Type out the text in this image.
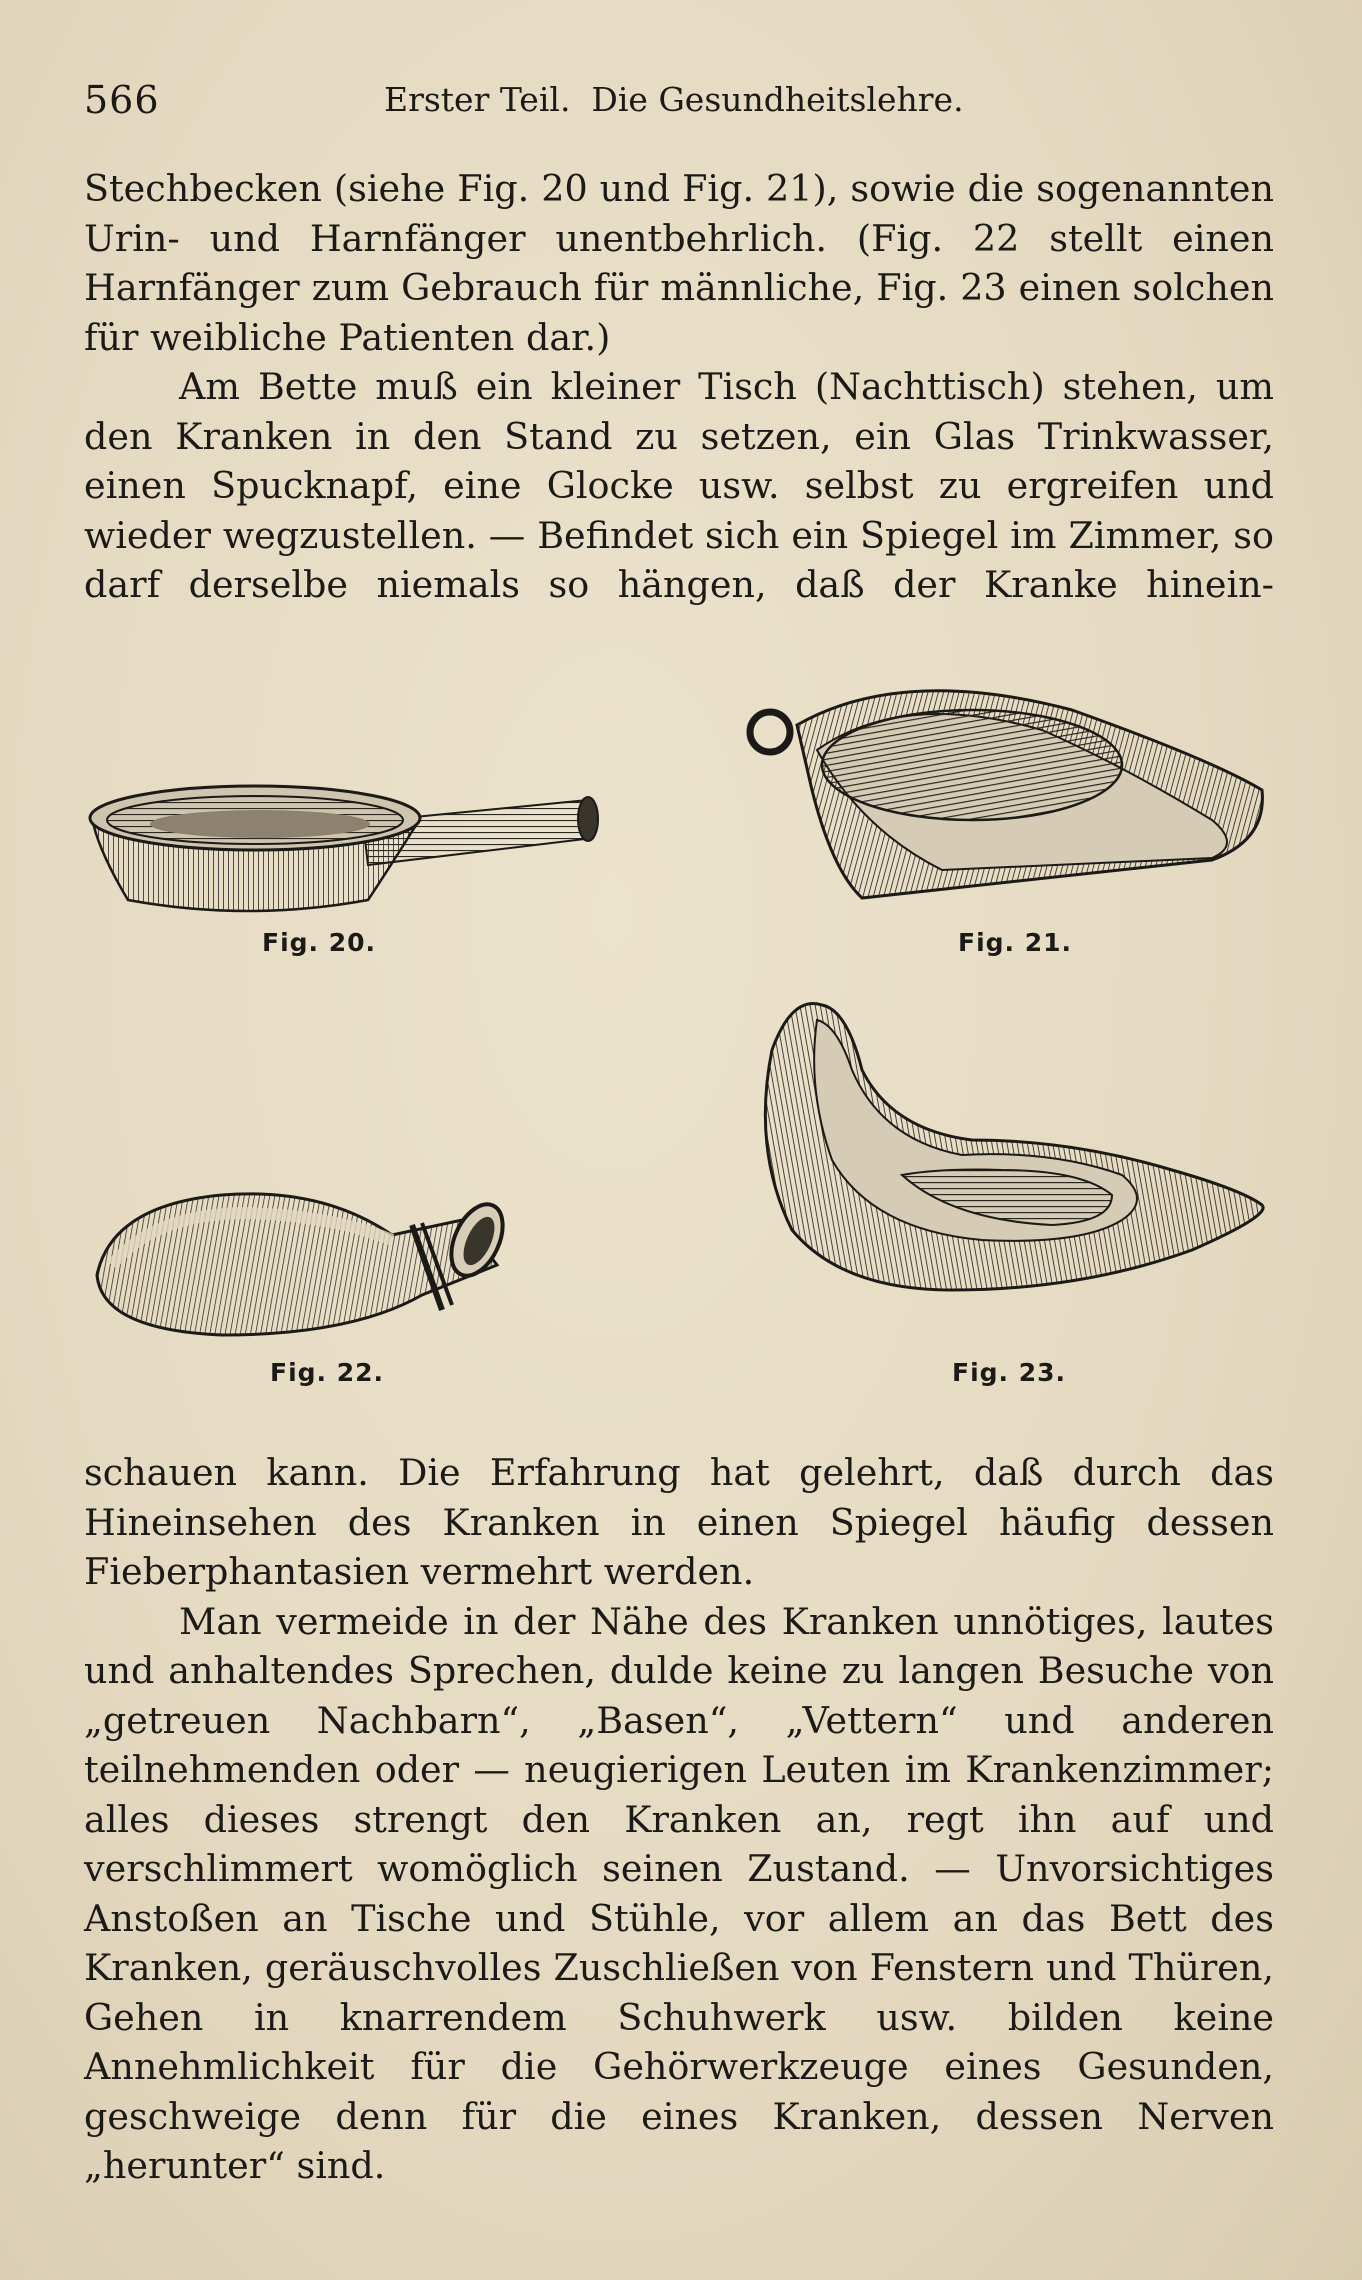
566	Erster Teil.  Die Gesundheitslehre.

Stechbecken (siehe Fig. 20 und Fig. 21), sowie die sogenannten Urin- und Harnfänger unentbehrlich. (Fig. 22 stellt einen Harnfänger zum Gebrauch für männliche, Fig. 23 einen solchen für weibliche Patienten dar.)

Am Bette muß ein kleiner Tisch (Nachttisch) stehen, um den Kranken in den Stand zu setzen, ein Glas Trinkwasser, einen Spucknapf, eine Glocke usw. selbst zu ergreifen und wieder wegzustellen. — Befindet sich ein Spiegel im Zimmer, so darf derselbe niemals so hängen, daß der Kranke hinein-

Fig. 20.	Fig. 21.
Fig. 22.	Fig. 23.

schauen kann. Die Erfahrung hat gelehrt, daß durch das Hineinsehen des Kranken in einen Spiegel häufig dessen Fieberphantasien vermehrt werden.

Man vermeide in der Nähe des Kranken unnötiges, lautes und anhaltendes Sprechen, dulde keine zu langen Besuche von „getreuen Nachbarn“, „Basen“, „Vettern“ und anderen teilnehmenden oder — neugierigen Leuten im Krankenzimmer; alles dieses strengt den Kranken an, regt ihn auf und verschlimmert womöglich seinen Zustand. — Unvorsichtiges Anstoßen an Tische und Stühle, vor allem an das Bett des Kranken, geräuschvolles Zuschließen von Fenstern und Thüren, Gehen in knarrendem Schuhwerk usw. bilden keine Annehmlichkeit für die Gehörwerkzeuge eines Gesunden, geschweige denn für die eines Kranken, dessen Nerven „herunter“ sind.
